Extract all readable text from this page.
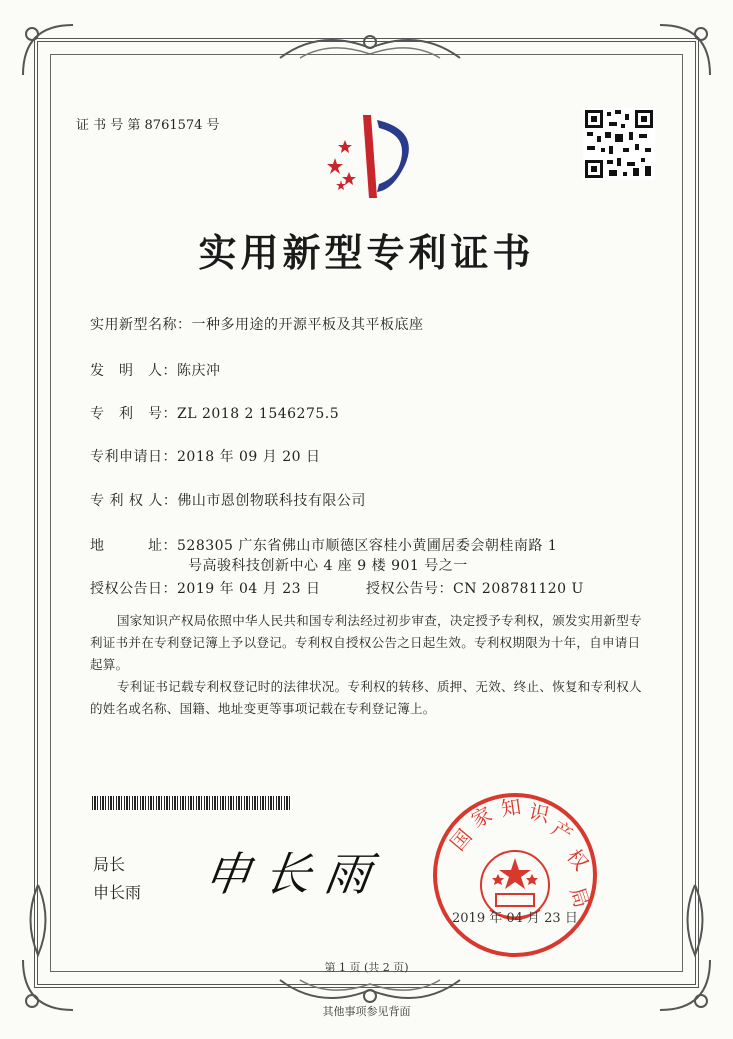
证 书 号 第 8761574 号
实用新型专利证书
实用新型名称：一种多用途的开源平板及其平板底座
发　明　人：陈庆冲
专　利　号：ZL 2018 2 1546275.5
专利申请日：2018 年 09 月 20 日
专 利 权 人：佛山市恩创物联科技有限公司
地　　　址：528305 广东省佛山市顺德区容桂小黄圃居委会朝桂南路 1
号高骏科技创新中心 4 座 9 楼 901 号之一
授权公告日：2019 年 04 月 23 日	授权公告号：CN 208781120 U

国家知识产权局依照中华人民共和国专利法经过初步审查，决定授予专利权，颁发实用新型专利证书并在专利登记簿上予以登记。专利权自授权公告之日起生效。专利权期限为十年，自申请日起算。

专利证书记载专利权登记时的法律状况。专利权的转移、质押、无效、终止、恢复和专利权人的姓名或名称、国籍、地址变更等事项记载在专利登记簿上。

局长
申长雨 申长雨
国
家 知 识
产
权
局
2019 年 04 月 23 日
第 1 页 (共 2 页)
其他事项参见背面
